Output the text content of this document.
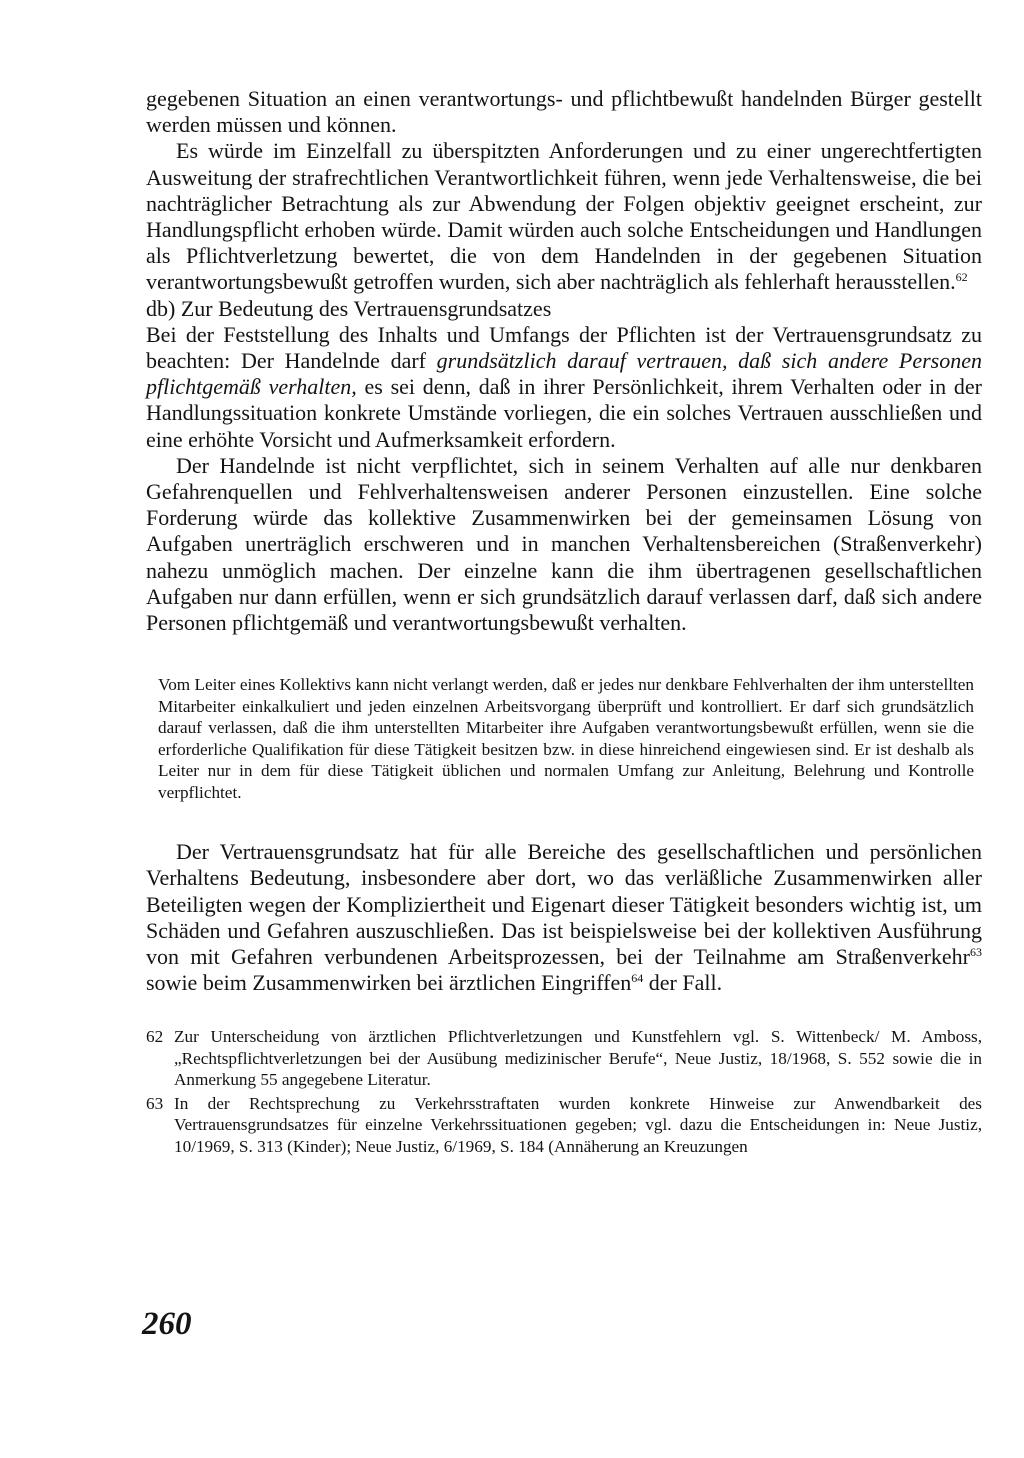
gegebenen Situation an einen verantwortungs- und pflichtbewußt handelnden Bürger gestellt werden müssen und können.

Es würde im Einzelfall zu überspitzten Anforderungen und zu einer ungerechtfertigten Ausweitung der strafrechtlichen Verantwortlichkeit führen, wenn jede Verhaltensweise, die bei nachträglicher Betrachtung als zur Abwendung der Folgen objektiv geeignet erscheint, zur Handlungspflicht erhoben würde. Damit würden auch solche Entscheidungen und Handlungen als Pflichtverletzung bewertet, die von dem Handelnden in der gegebenen Situation verantwortungsbewußt getroffen wurden, sich aber nachträglich als fehlerhaft herausstellen.$^{62}$

db) Zur Bedeutung des Vertrauensgrundsatzes

Bei der Feststellung des Inhalts und Umfangs der Pflichten ist der Vertrauensgrundsatz zu beachten: Der Handelnde darf grundsätzlich darauf vertrauen, daß sich andere Personen pflichtgemäß verhalten, es sei denn, daß in ihrer Persönlichkeit, ihrem Verhalten oder in der Handlungssituation konkrete Umstände vorliegen, die ein solches Vertrauen ausschließen und eine erhöhte Vorsicht und Aufmerksamkeit erfordern.

Der Handelnde ist nicht verpflichtet, sich in seinem Verhalten auf alle nur denkbaren Gefahrenquellen und Fehlverhaltensweisen anderer Personen einzustellen. Eine solche Forderung würde das kollektive Zusammenwirken bei der gemeinsamen Lösung von Aufgaben unerträglich erschweren und in manchen Verhaltensbereichen (Straßenverkehr) nahezu unmöglich machen. Der einzelne kann die ihm übertragenen gesellschaftlichen Aufgaben nur dann erfüllen, wenn er sich grundsätzlich darauf verlassen darf, daß sich andere Personen pflichtgemäß und verantwortungsbewußt verhalten.

Vom Leiter eines Kollektivs kann nicht verlangt werden, daß er jedes nur denkbare Fehlverhalten der ihm unterstellten Mitarbeiter einkalkuliert und jeden einzelnen Arbeitsvorgang überprüft und kontrolliert. Er darf sich grundsätzlich darauf verlassen, daß die ihm unterstellten Mitarbeiter ihre Aufgaben verantwortungsbewußt erfüllen, wenn sie die erforderliche Qualifikation für diese Tätigkeit besitzen bzw. in diese hinreichend eingewiesen sind. Er ist deshalb als Leiter nur in dem für diese Tätigkeit üblichen und normalen Umfang zur Anleitung, Belehrung und Kontrolle verpflichtet.

Der Vertrauensgrundsatz hat für alle Bereiche des gesellschaftlichen und persönlichen Verhaltens Bedeutung, insbesondere aber dort, wo das verläßliche Zusammenwirken aller Beteiligten wegen der Kompliziertheit und Eigenart dieser Tätigkeit besonders wichtig ist, um Schäden und Gefahren auszuschließen. Das ist beispielsweise bei der kollektiven Ausführung von mit Gefahren verbundenen Arbeitsprozessen, bei der Teilnahme am Straßenverkehr$^{63}$ sowie beim Zusammenwirken bei ärztlichen Eingriffen$^{64}$ der Fall.

62 Zur Unterscheidung von ärztlichen Pflichtverletzungen und Kunstfehlern vgl. S. Wittenbeck/ M. Amboss, „Rechtspflichtverletzungen bei der Ausübung medizinischer Berufe“, Neue Justiz, 18/1968, S. 552 sowie die in Anmerkung 55 angegebene Literatur.
63 In der Rechtsprechung zu Verkehrsstraftaten wurden konkrete Hinweise zur Anwendbarkeit des Vertrauensgrundsatzes für einzelne Verkehrssituationen gegeben; vgl. dazu die Entscheidungen in: Neue Justiz, 10/1969, S. 313 (Kinder); Neue Justiz, 6/1969, S. 184 (Annäherung an Kreuzungen
260
